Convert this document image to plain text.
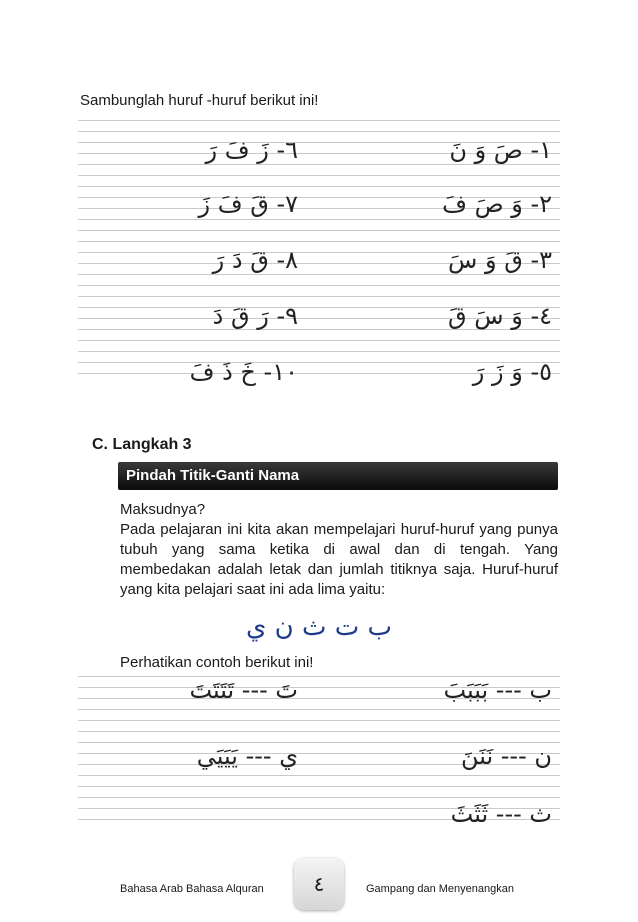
Sambunglah huruf -huruf berikut ini!
٦- زَ فَ رَ	١- صَ وَ نَ
٧- قَ فَ زَ	٢- وَ صَ فَ
٨- قَ دَ رَ	٣- قَ وَ سَ
٩- رَ قَ دَ	٤- وَ سَ قَ
١٠- خَ ذَ فَ	٥- وَ زَ رَ
C. Langkah 3
Pindah Titik-Ganti Nama
Maksudnya?
Pada pelajaran ini kita akan mempelajari huruf-huruf yang punya tubuh yang sama ketika di awal dan di tengah. Yang membedakan adalah letak dan jumlah titiknya saja. Huruf-huruf yang kita pelajari saat ini ada lima yaitu:
ب ت ث ن ي
Perhatikan contoh berikut ini!
تَ --- تَتَتَتَ	ب --- بَبَبَبَ
ي --- يَيَيَي	ن --- نَنَنَ
ث --- ثَثَثَ
Bahasa Arab Bahasa Alquran	٤	Gampang dan Menyenangkan
